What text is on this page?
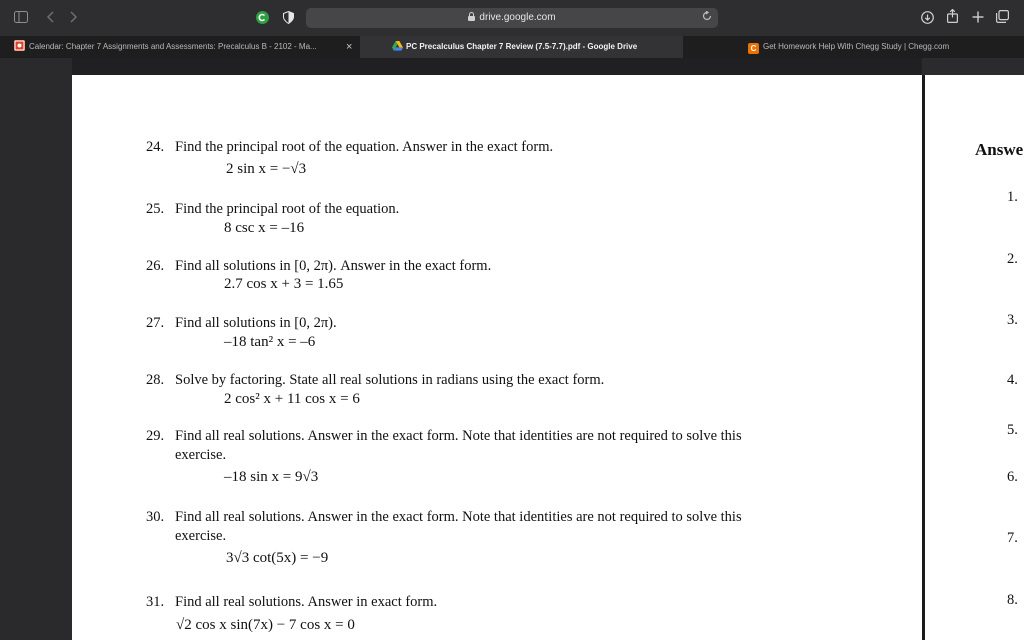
drive.google.com
Calendar: Chapter 7 Assignments and Assessments: Precalculus B - 2102 - Ma...	×	PC Precalculus Chapter 7 Review (7.5-7.7).pdf - Google Drive	C Get Homework Help With Chegg Study | Chegg.com
24. Find the principal root of the equation. Answer in the exact form.
2 sin x = −√3
25. Find the principal root of the equation.
8 csc x = –16
26. Find all solutions in [0, 2π). Answer in the exact form.
2.7 cos x + 3 = 1.65
27. Find all solutions in [0, 2π).
–18 tan² x = –6
28. Solve by factoring. State all real solutions in radians using the exact form.
2 cos² x + 11 cos x = 6
29. Find all real solutions. Answer in the exact form. Note that identities are not required to solve this
exercise.
–18 sin x = 9√3
30. Find all real solutions. Answer in the exact form. Note that identities are not required to solve this
exercise.
3√3 cot(5x) = −9
31. Find all real solutions. Answer in exact form.
√2 cos x sin(7x) − 7 cos x = 0
Answe
1.
2.
3.
4.
5.
6.
7.
8.
